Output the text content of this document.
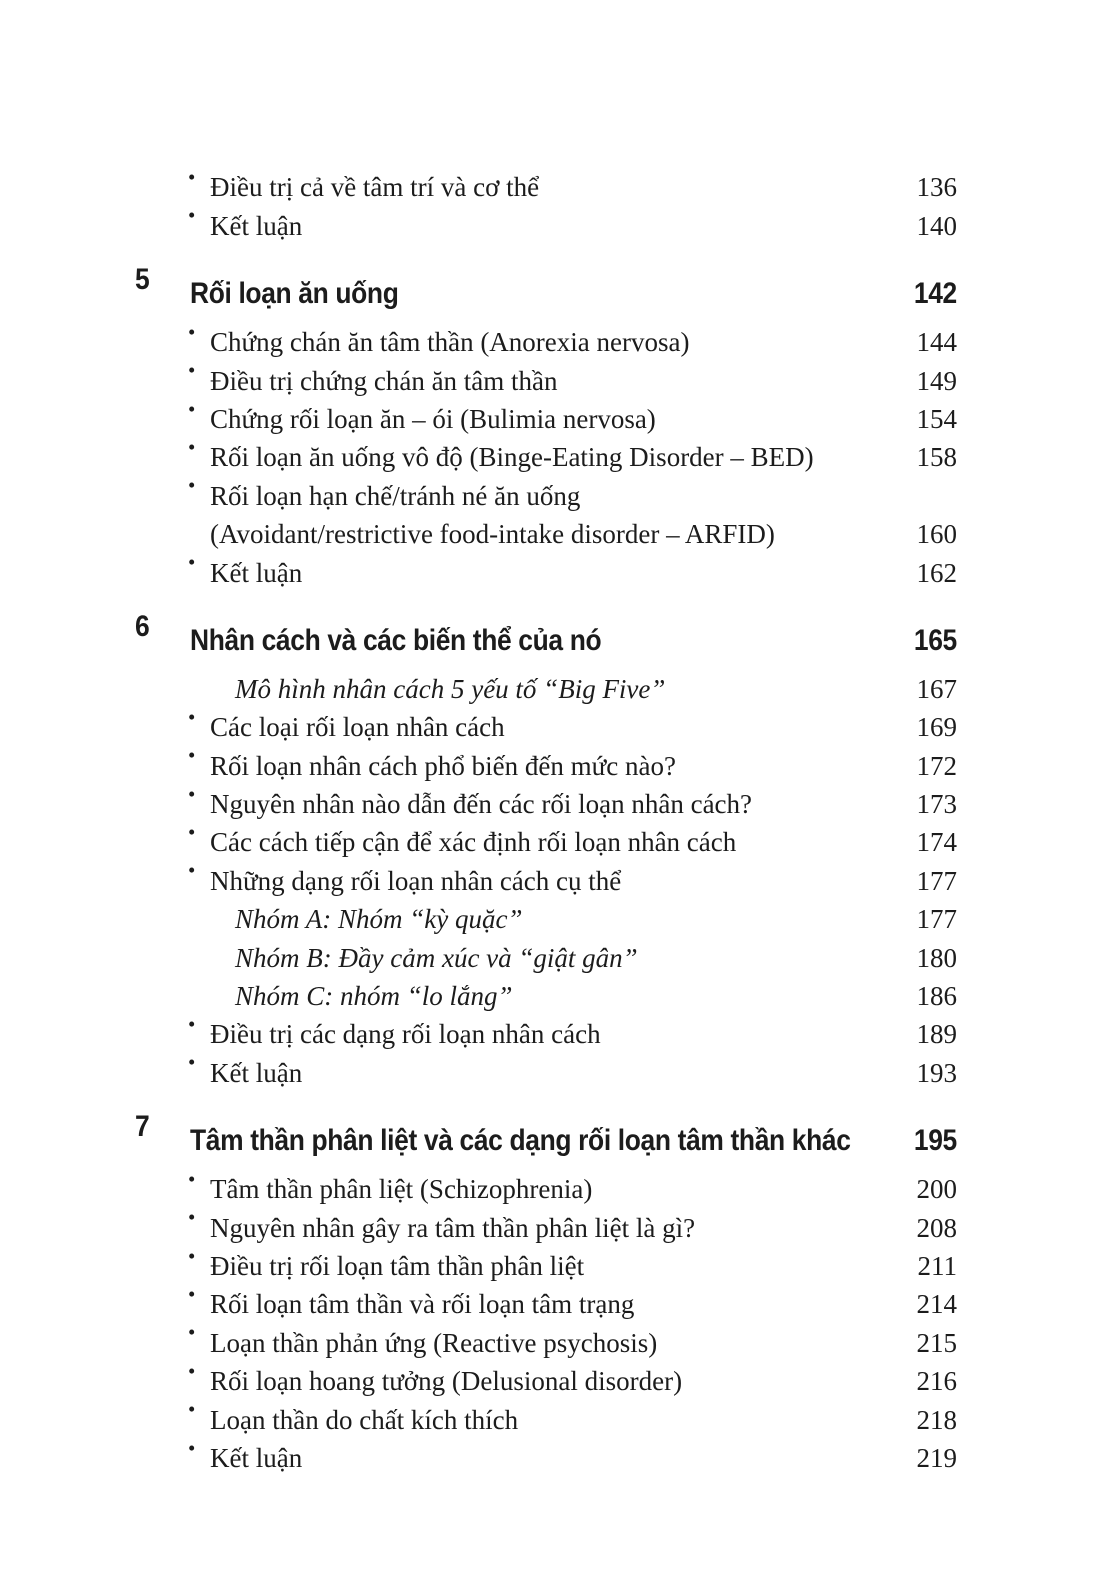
• Điều trị cả về tâm trí và cơ thể	136
• Kết luận	140
5 Rối loạn ăn uống	142
• Chứng chán ăn tâm thần (Anorexia nervosa)	144
• Điều trị chứng chán ăn tâm thần	149
• Chứng rối loạn ăn – ói (Bulimia nervosa)	154
• Rối loạn ăn uống vô độ (Binge-Eating Disorder – BED)	158
• Rối loạn hạn chế/tránh né ăn uống
(Avoidant/restrictive food-intake disorder – ARFID)	160
• Kết luận	162
6 Nhân cách và các biến thể của nó	165
Mô hình nhân cách 5 yếu tố “Big Five”	167
• Các loại rối loạn nhân cách	169
• Rối loạn nhân cách phổ biến đến mức nào?	172
• Nguyên nhân nào dẫn đến các rối loạn nhân cách?	173
• Các cách tiếp cận để xác định rối loạn nhân cách	174
• Những dạng rối loạn nhân cách cụ thể	177
Nhóm A: Nhóm “kỳ quặc”	177
Nhóm B: Đầy cảm xúc và “giật gân”	180
Nhóm C: nhóm “lo lắng”	186
• Điều trị các dạng rối loạn nhân cách	189
• Kết luận	193
7 Tâm thần phân liệt và các dạng rối loạn tâm thần khác	195
• Tâm thần phân liệt (Schizophrenia)	200
• Nguyên nhân gây ra tâm thần phân liệt là gì?	208
• Điều trị rối loạn tâm thần phân liệt	211
• Rối loạn tâm thần và rối loạn tâm trạng	214
• Loạn thần phản ứng (Reactive psychosis)	215
• Rối loạn hoang tưởng (Delusional disorder)	216
• Loạn thần do chất kích thích	218
• Kết luận	219
